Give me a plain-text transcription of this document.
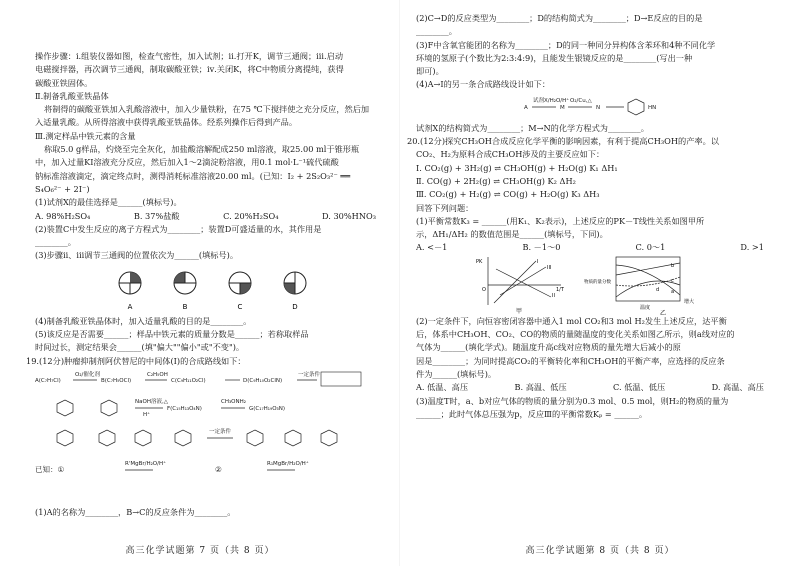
操作步骤：ⅰ.组装仪器如图，检查气密性，加入试剂；ⅱ.打开K，调节三通阀；ⅲ.启动
电磁搅拌器，再次调节三通阀，制取碳酸亚铁；ⅳ.关闭K，将C中物质分离提纯，获得
碳酸亚铁固体。
Ⅱ.制备乳酸亚铁晶体
将制得的碳酸亚铁加入乳酸溶液中，加入少量铁粉，在75 ℃下搅拌使之充分反应，然后加
入适量乳酸。从所得溶液中获得乳酸亚铁晶体。经系列操作后得到产品。
Ⅲ.测定样品中铁元素的含量
称取5.0 g样品，灼烧至完全灰化，加盐酸溶解配成250 ml溶液，取25.00 ml于锥形瓶
中，加入过量KI溶液充分反应，然后加入1～2滴淀粉溶液，用0.1 mol·L⁻¹硫代硫酸
钠标准溶液滴定，滴定终点时，测得消耗标准溶液20.00 ml。(已知：I₂ + 2S₂O₃²⁻ ══
S₄O₆²⁻ + 2I⁻)
(1)试剂X的最佳选择是______(填标号)。
A. 98%H₂SO₄	B. 37%盐酸	C. 20%H₂SO₄	D. 30%HNO₃
(2)装置C中发生反应的离子方程式为________；装置D可盛适量的水，其作用是
________。
(3)步骤ⅱ、ⅲ调节三通阀的位置依次为______(填标号)。
A	B	C	D
(4)制备乳酸亚铁晶体时，加入适量乳酸的目的是________。
(5)该反应是否需要______；样品中铁元素的质量分数是______；若称取样品
时间过长，测定结果会______(填"偏大""偏小"或"不变")。
19.(12分)肿瘤抑制剂阿伏替尼的中间体(I)的合成路线如下：
A(C₇H₇Cl)
O₂/催化剂
B(C₇H₅OCl)
C₂H₅OH
C(C₉H₁₁O₂Cl)	D(C₉H₁₀O₂ClN)
一定条件
NaOH溶液,△
H⁺
F(C₁₅H₁₃O₄N)
CH₃ONH₂
G(C₁₇H₁₉O₃N)
一定条件
已知：①
R'MgBr/H₂O/H⁺
②
R₁MgBr/H₂O/H⁺
(1)A的名称为________，B→C的反应条件为________。
高三化学试题第 7 页（共 8 页）
(2)C→D的反应类型为________；D的结构简式为________；D→E反应的目的是
________。
(3)F中含氧官能团的名称为________；D的同一种同分异构体含苯环和4种不同化学
环境的氢原子(个数比为2:3:4:9)，且能发生银镜反应的是________(写出一种
即可)。
(4)A→I的另一条合成路线设计如下：
A
试剂X/H₂O/H⁺
M
O₂/Cu,△
N	HN
试剂X的结构简式为________；M→N的化学方程式为________。
20.(12分)探究CH₃OH合成反应化学平衡的影响因素，有利于提高CH₃OH的产率。以
CO₂、H₂为原料合成CH₃OH涉及的主要反应如下：
Ⅰ. CO₂(g) + 3H₂(g) ⇌ CH₃OH(g) + H₂O(g) K₁ ΔH₁
Ⅱ. CO(g) + 2H₂(g) ⇌ CH₃OH(g) K₂ ΔH₂
Ⅲ. CO₂(g) + H₂(g) ⇌ CO(g) + H₂O(g) K₃ ΔH₃
回答下列问题：
(1)平衡常数K₃ = ______(用K₁、K₂表示)，上述反应的PK－T线性关系如图甲所
示，ΔH₁/ΔH₂ 的数值范围是______(填标号，下同)。
A. <－1	B. －1～0	C. 0～1	D. >1
PK	I
II
III
1/T
O
甲
物质的量分数
增大
温度
a
b
c
d
乙
(2)一定条件下，向恒容密闭容器中通入1 mol CO₂和3 mol H₂发生上述反应，达平衡
后，体系中CH₃OH、CO₂、CO的物质的量随温度的变化关系如图乙所示，则a线对应的
气体为______(填化学式)。随温度升高c线对应物质的量先增大后减小的原
因是________；为同时提高CO₂的平衡转化率和CH₃OH的平衡产率，应选择的反应条
件为______(填标号)。
A. 低温、高压	B. 高温、低压	C. 低温、低压	D. 高温、高压
(3)温度T时，a、b对应气体的物质的量分别为0.3 mol、0.5 mol，则H₂的物质的量为
______；此时气体总压强为p，反应Ⅲ的平衡常数Kₚ = ______。
高三化学试题第 8 页（共 8 页）
